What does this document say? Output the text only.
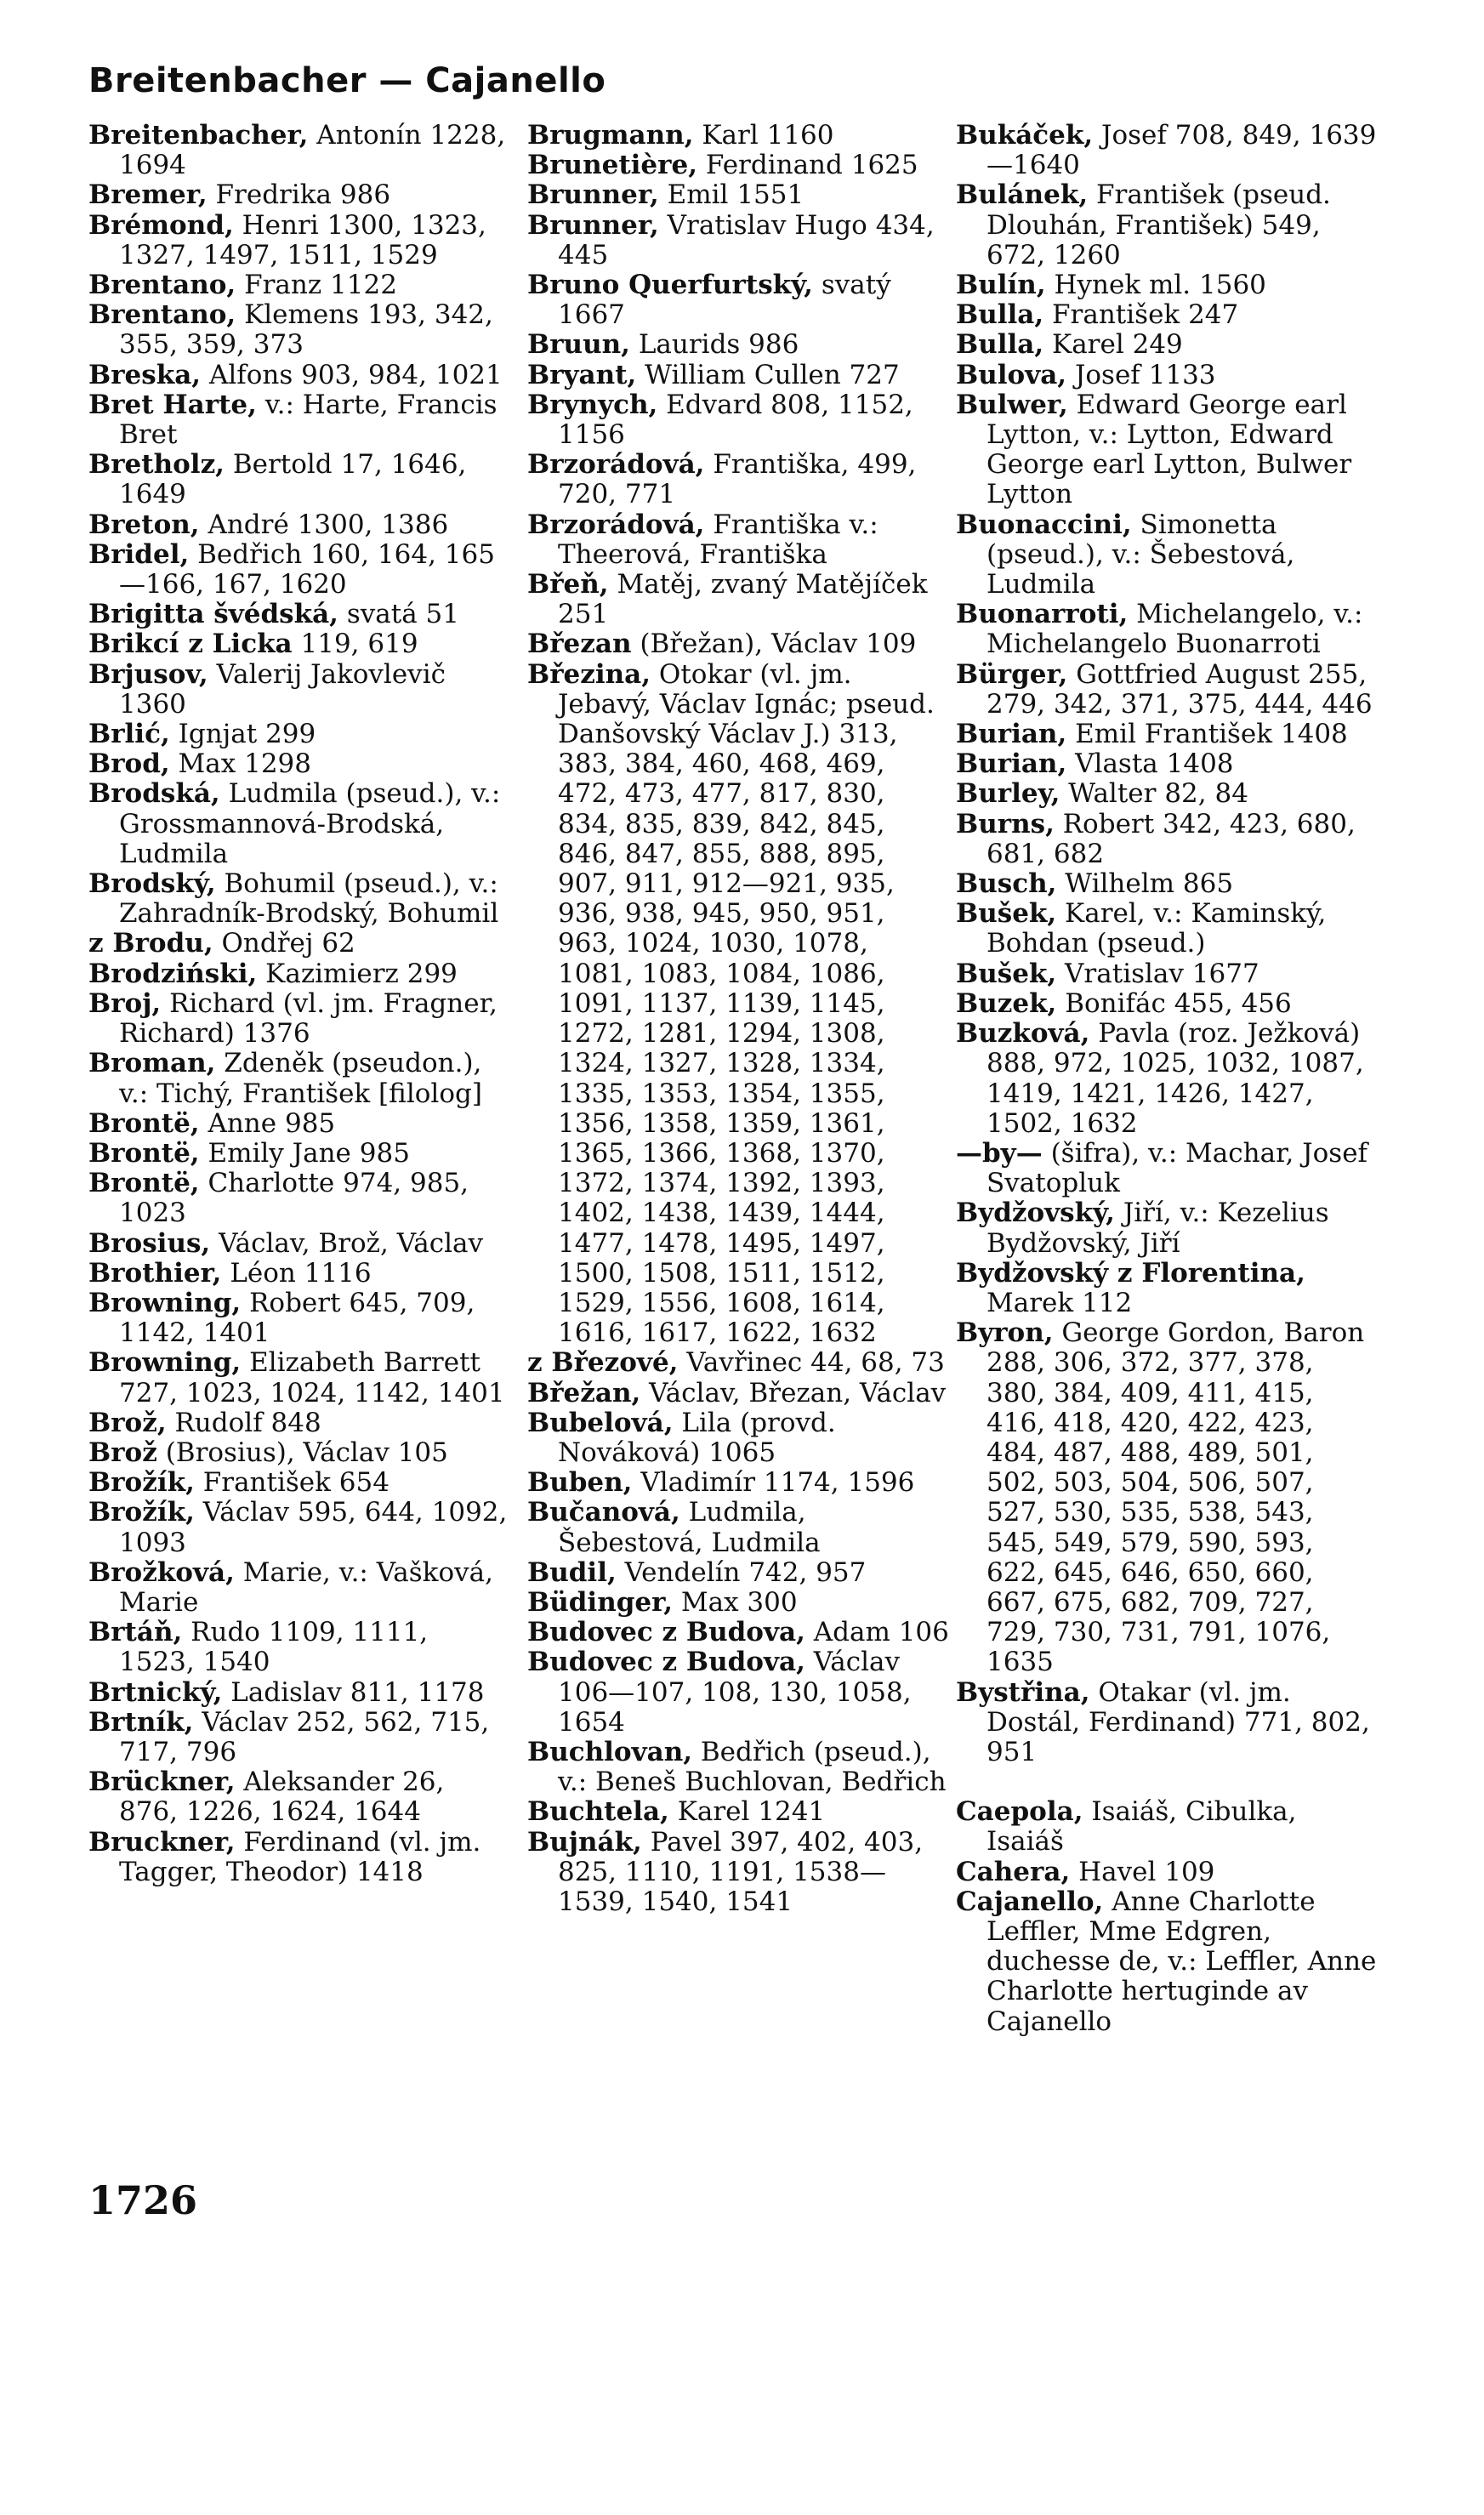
Breitenbacher — Cajanello
Breitenbacher, Antonín 1228, 1694
Bremer, Fredrika 986
Brémond, Henri 1300, 1323, 1327, 1497, 1511, 1529
Brentano, Franz 1122
Brentano, Klemens 193, 342, 355, 359, 373
Breska, Alfons 903, 984, 1021
Bret Harte, v.: Harte, Francis Bret
Bretholz, Bertold 17, 1646, 1649
Breton, André 1300, 1386
Bridel, Bedřich 160, 164, 165—166, 167, 1620
Brigitta švédská, svatá 51
Brikcí z Licka 119, 619
Brjusov, Valerij Jakovlevič 1360
Brlić, Ignjat 299
Brod, Max 1298
Brodská, Ludmila (pseud.), v.: Grossmannová-Brodská, Ludmila
Brodský, Bohumil (pseud.), v.: Zahradník-Brodský, Bohumil
z Brodu, Ondřej 62
Brodziński, Kazimierz 299
Broj, Richard (vl. jm. Fragner, Richard) 1376
Broman, Zdeněk (pseudon.), v.: Tichý, František [filolog]
Brontë, Anne 985
Brontë, Emily Jane 985
Brontë, Charlotte 974, 985, 1023
Brosius, Václav, Brož, Václav
Brothier, Léon 1116
Browning, Robert 645, 709, 1142, 1401
Browning, Elizabeth Barrett 727, 1023, 1024, 1142, 1401
Brož, Rudolf 848
Brož (Brosius), Václav 105
Brožík, František 654
Brožík, Václav 595, 644, 1092, 1093
Brožková, Marie, v.: Vašková, Marie
Brtáň, Rudo 1109, 1111, 1523, 1540
Brtnický, Ladislav 811, 1178
Brtník, Václav 252, 562, 715, 717, 796
Brückner, Aleksander 26, 876, 1226, 1624, 1644
Bruckner, Ferdinand (vl. jm. Tagger, Theodor) 1418
Brugmann, Karl 1160
Brunetière, Ferdinand 1625
Brunner, Emil 1551
Brunner, Vratislav Hugo 434, 445
Bruno Querfurtský, svatý 1667
Bruun, Laurids 986
Bryant, William Cullen 727
Brynych, Edvard 808, 1152, 1156
Brzorádová, Františka, 499, 720, 771
Brzorádová, Františka v.: Theerová, Františka
Břeň, Matěj, zvaný Matějíček 251
Březan (Břežan), Václav 109
Březina, Otokar (vl. jm. Jebavý, Václav Ignác; pseud. Danšovský Václav J.) 313, 383, 384, 460, 468, 469, 472, 473, 477, 817, 830, 834, 835, 839, 842, 845, 846, 847, 855, 888, 895, 907, 911, 912—921, 935, 936, 938, 945, 950, 951, 963, 1024, 1030, 1078, 1081, 1083, 1084, 1086, 1091, 1137, 1139, 1145, 1272, 1281, 1294, 1308, 1324, 1327, 1328, 1334, 1335, 1353, 1354, 1355, 1356, 1358, 1359, 1361, 1365, 1366, 1368, 1370, 1372, 1374, 1392, 1393, 1402, 1438, 1439, 1444, 1477, 1478, 1495, 1497, 1500, 1508, 1511, 1512, 1529, 1556, 1608, 1614, 1616, 1617, 1622, 1632
z Březové, Vavřinec 44, 68, 73
Břežan, Václav, Březan, Václav
Bubelová, Lila (provd. Nováková) 1065
Buben, Vladimír 1174, 1596
Bučanová, Ludmila, Šebestová, Ludmila
Budil, Vendelín 742, 957
Büdinger, Max 300
Budovec z Budova, Adam 106
Budovec z Budova, Václav 106—107, 108, 130, 1058, 1654
Buchlovan, Bedřich (pseud.), v.: Beneš Buchlovan, Bedřich
Buchtela, Karel 1241
Bujnák, Pavel 397, 402, 403, 825, 1110, 1191, 1538—1539, 1540, 1541
Bukáček, Josef 708, 849, 1639—1640
Bulánek, František (pseud. Dlouhán, František) 549, 672, 1260
Bulín, Hynek ml. 1560
Bulla, František 247
Bulla, Karel 249
Bulova, Josef 1133
Bulwer, Edward George earl Lytton, v.: Lytton, Edward George earl Lytton, Bulwer Lytton
Buonaccini, Simonetta (pseud.), v.: Šebestová, Ludmila
Buonarroti, Michelangelo, v.: Michelangelo Buonarroti
Bürger, Gottfried August 255, 279, 342, 371, 375, 444, 446
Burian, Emil František 1408
Burian, Vlasta 1408
Burley, Walter 82, 84
Burns, Robert 342, 423, 680, 681, 682
Busch, Wilhelm 865
Bušek, Karel, v.: Kaminský, Bohdan (pseud.)
Bušek, Vratislav 1677
Buzek, Bonifác 455, 456
Buzková, Pavla (roz. Ježková) 888, 972, 1025, 1032, 1087, 1419, 1421, 1426, 1427, 1502, 1632
—by— (šifra), v.: Machar, Josef Svatopluk
Bydžovský, Jiří, v.: Kezelius Bydžovský, Jiří
Bydžovský z Florentina, Marek 112
Byron, George Gordon, Baron 288, 306, 372, 377, 378, 380, 384, 409, 411, 415, 416, 418, 420, 422, 423, 484, 487, 488, 489, 501, 502, 503, 504, 506, 507, 527, 530, 535, 538, 543, 545, 549, 579, 590, 593, 622, 645, 646, 650, 660, 667, 675, 682, 709, 727, 729, 730, 731, 791, 1076, 1635
Bystřina, Otakar (vl. jm. Dostál, Ferdinand) 771, 802, 951
Caepola, Isaiáš, Cibulka, Isaiáš
Cahera, Havel 109
Cajanello, Anne Charlotte Leffler, Mme Edgren, duchesse de, v.: Leffler, Anne Charlotte hertuginde av Cajanello
1726
